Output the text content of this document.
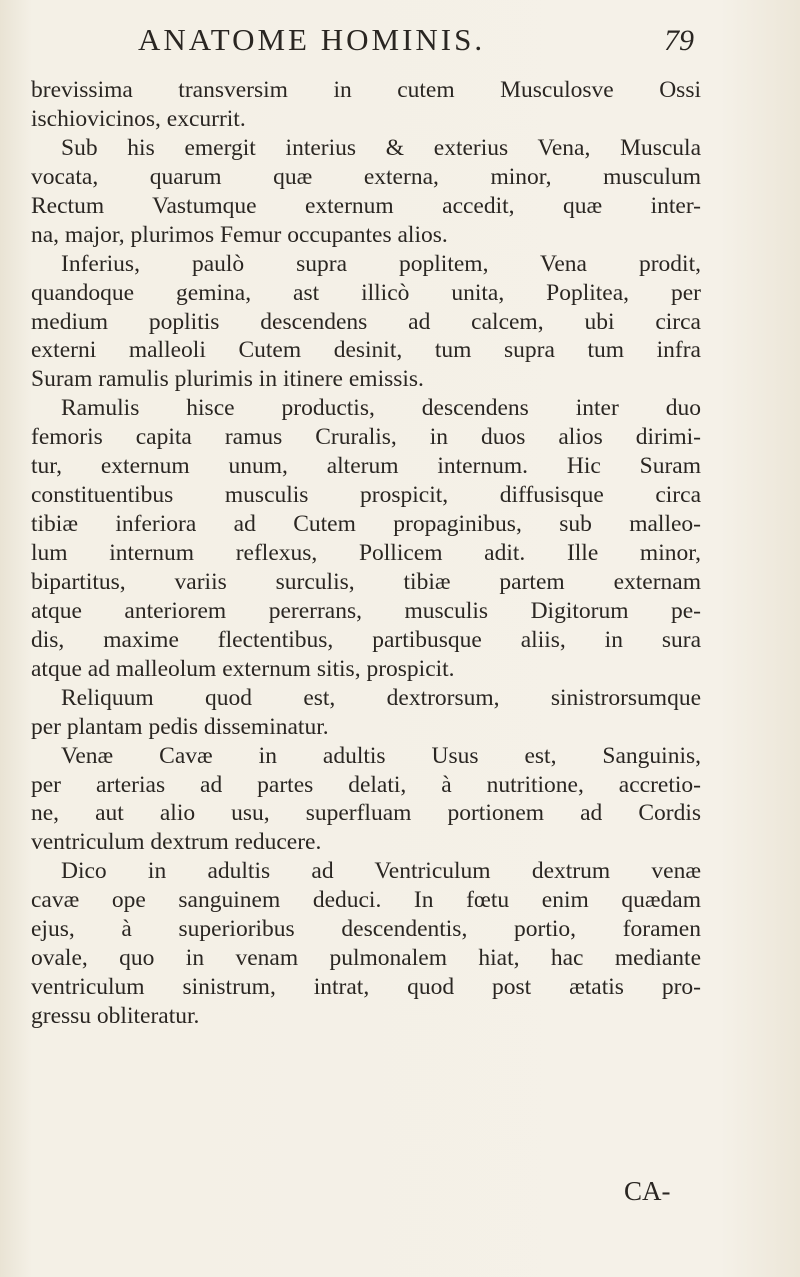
ANATOME HOMINIS.	79
brevissima transversim in cutem Musculosve Ossi
ischiovicinos, excurrit.
Sub his emergit interius & exterius Vena, Muscula
vocata, quarum quæ externa, minor, musculum
Rectum Vastumque externum accedit, quæ inter-
na, major, plurimos Femur occupantes alios.
Inferius, paulò supra poplitem, Vena prodit,
quandoque gemina, ast illicò unita, Poplitea, per
medium poplitis descendens ad calcem, ubi circa
externi malleoli Cutem desinit, tum supra tum infra
Suram ramulis plurimis in itinere emissis.
Ramulis hisce productis, descendens inter duo
femoris capita ramus Cruralis, in duos alios dirimi-
tur, externum unum, alterum internum. Hic Suram
constituentibus musculis prospicit, diffusisque circa
tibiæ inferiora ad Cutem propaginibus, sub malleo-
lum internum reflexus, Pollicem adit. Ille minor,
bipartitus, variis surculis, tibiæ partem externam
atque anteriorem pererrans, musculis Digitorum pe-
dis, maxime flectentibus, partibusque aliis, in sura
atque ad malleolum externum sitis, prospicit.
Reliquum quod est, dextrorsum, sinistrorsumque
per plantam pedis disseminatur.
Venæ Cavæ in adultis Usus est, Sanguinis,
per arterias ad partes delati, à nutritione, accretio-
ne, aut alio usu, superfluam portionem ad Cordis
ventriculum dextrum reducere.
Dico in adultis ad Ventriculum dextrum venæ
cavæ ope sanguinem deduci. In fœtu enim quædam
ejus, à superioribus descendentis, portio, foramen
ovale, quo in venam pulmonalem hiat, hac mediante
ventriculum sinistrum, intrat, quod post ætatis pro-
gressu obliteratur.
CA-
